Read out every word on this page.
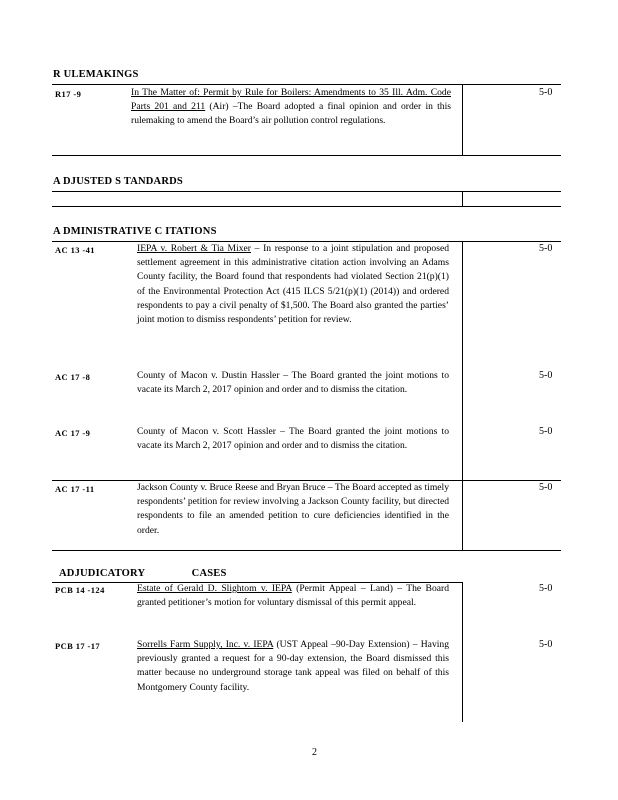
R ULEMAKINGS
R17 -9	In The Matter of: Permit by Rule for Boilers: Amendments to 35 Ill. Adm. Code Parts 201 and 211 (Air) –The Board adopted a final opinion and order in this rulemaking to amend the Board’s air pollution control regulations.
5-0
A DJUSTED S TANDARDS
A DMINISTRATIVE C ITATIONS
AC 13 -41	IEPA v. Robert & Tia Mixer – In response to a joint stipulation and proposed settlement agreement in this administrative citation action involving an Adams County facility, the Board found that respondents had violated Section 21(p)(1) of the Environmental Protection Act (415 ILCS 5/21(p)(1) (2014)) and ordered respondents to pay a civil penalty of $1,500. The Board also granted the parties’ joint motion to dismiss respondents’ petition for review.
5-0
AC 17 -8	County of Macon v. Dustin Hassler – The Board granted the joint motions to vacate its March 2, 2017 opinion and order and to dismiss the citation.
5-0
AC 17 -9	County of Macon v. Scott Hassler – The Board granted the joint motions to vacate its March 2, 2017 opinion and order and to dismiss the citation.
5-0
AC 17 -11	Jackson County v. Bruce Reese and Bryan Bruce – The Board accepted as timely respondents’ petition for review involving a Jackson County facility, but directed respondents to file an amended petition to cure deficiencies identified in the order.
5-0
ADJUDICATORY CASES
PCB 14 -124	Estate of Gerald D. Slightom v. IEPA (Permit Appeal – Land) – The Board granted petitioner’s motion for voluntary dismissal of this permit appeal.
5-0
PCB 17 -17	Sorrells Farm Supply, Inc. v. IEPA (UST Appeal –90-Day Extension) – Having previously granted a request for a 90-day extension, the Board dismissed this matter because no underground storage tank appeal was filed on behalf of this Montgomery County facility.
5-0
2
